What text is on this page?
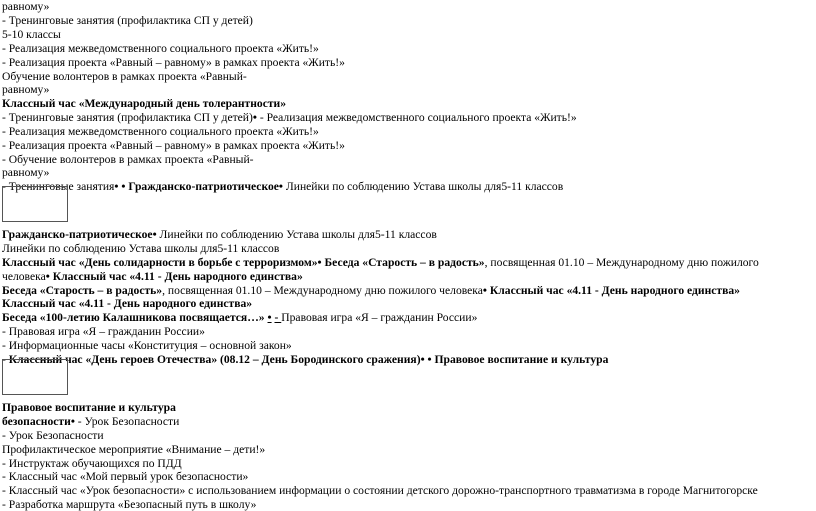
равному»
- Тренинговые занятия (профилактика СП у детей)
5-10 классы
- Реализация межведомственного социального проекта «Жить!»
- Реализация проекта «Равный – равному» в рамках проекта «Жить!»
Обучение волонтеров в рамках проекта «Равный-
равному»
Классный час «Международный день толерантности»
- Тренинговые занятия (профилактика СП у детей)• - Реализация межведомственного социального проекта «Жить!»
- Реализация межведомственного социального проекта «Жить!»
- Реализация проекта «Равный – равному» в рамках проекта «Жить!»
- Обучение волонтеров в рамках проекта «Равный-
равному»
- Тренинговые занятия• • Гражданско-патриотическое• Линейки по соблюдению Устава школы для5-11 классов
Гражданско-патриотическое• Линейки по соблюдению Устава школы для5-11 классов
Линейки по соблюдению Устава школы для5-11 классов
Классный час «День солидарности в борьбе с терроризмом»• Беседа «Старость – в радость», посвященная 01.10 – Международному дню пожилого
человека• Классный час «4.11 - День народного единства»
Беседа «Старость – в радость», посвященная 01.10 – Международному дню пожилого человека• Классный час «4.11 - День народного единства»
Классный час «4.11 - День народного единства»
Беседа «100-летию Калашникова посвящается…» • - Правовая игра «Я – гражданин России»
- Правовая игра «Я – гражданин России»
- Информационные часы «Конституция – основной закон»
- Классный час «День героев Отечества» (08.12 – День Бородинского сражения)• • Правовое воспитание и культура
Правовое воспитание и культура
безопасности• - Урок Безопасности
- Урок Безопасности
Профилактическое мероприятие «Внимание – дети!»
- Инструктаж обучающихся по ПДД
- Классный час «Мой первый урок безопасности»
- Классный час «Урок безопасности» с использованием информации о состоянии детского дорожно-транспортного травматизма в городе Магнитогорске
- Разработка маршрута «Безопасный путь в школу»
